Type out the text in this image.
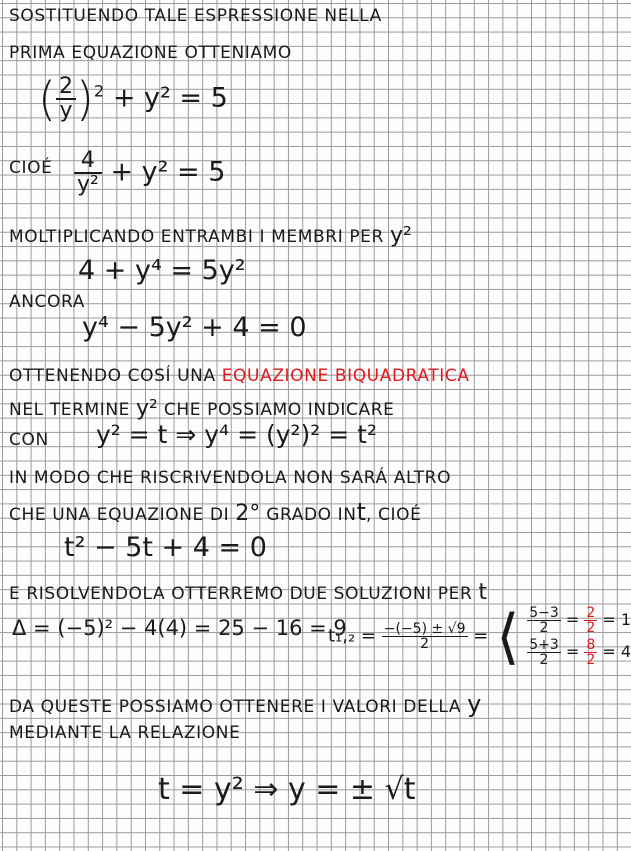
SOSTITUENDO TALE ESPRESSIONE NELLA

PRIMA EQUAZIONE OTTENIAMO

( $\frac{2}{y} )^2 + y^2 = 5$

CIOÉ $\frac{4}{\text{y²}} + y^2 = 5$

MOLTIPLICANDO ENTRAMBI I MEMBRI PER y²

4 + y⁴ = 5y²

ANCORA

y⁴ − 5y² + 4 = 0

OTTENENDO COSÍ UNA EQUAZIONE BIQUADRATICA

NEL TERMINE y² CHE POSSIAMO INDICARE

CON y² = t ⇒ y⁴ = (y²)² = t²

IN MODO CHE RISCRIVENDOLA NON SARÁ ALTRO

CHE UNA EQUAZIONE DI 2° GRADO INt, CIOÉ

t² − 5t + 4 = 0

E RISOLVENDOLA OTTERREMO DUE SOLUZIONI PER t

Δ = (−5)² − 4(4) = 25 − 16 = 9
$t_1,_2 = \frac{-(-5) \pm √9}{2}$ = ⟨ $\frac{5-3}{2} = \frac{2}{2} = 1$
$\frac{5+3}{2} = \frac{8}{2} = 4$

DA QUESTE POSSIAMO OTTENERE I VALORI DELLA y

MEDIANTE LA RELAZIONE

t = y² ⇒ y = ± √t
